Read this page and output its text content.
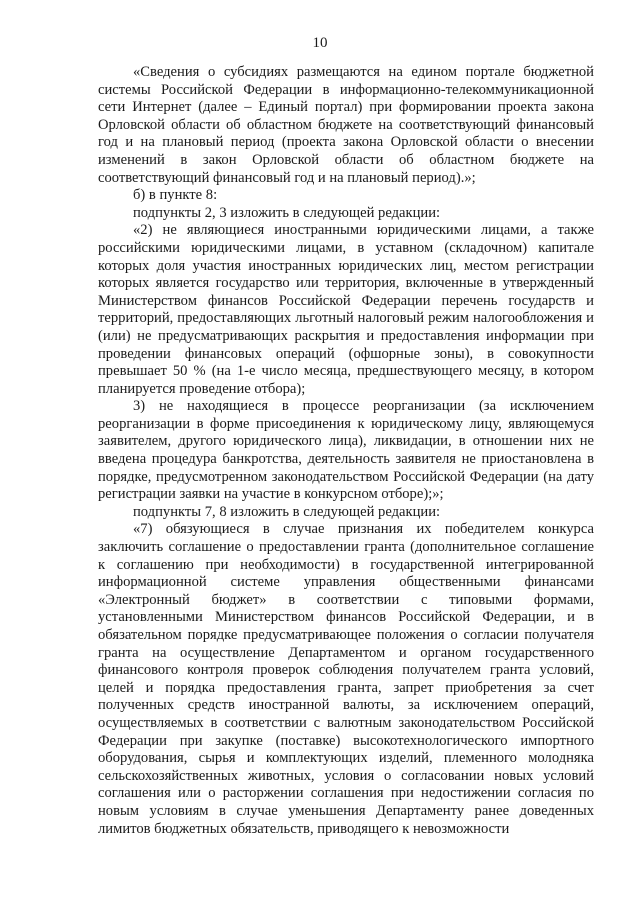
10

«Сведения о субсидиях размещаются на едином портале бюджетной системы Российской Федерации в информационно-телекоммуникационной сети Интернет (далее – Единый портал) при формировании проекта закона Орловской области об областном бюджете на соответствующий финансовый год и на плановый период (проекта закона Орловской области о внесении изменений в закон Орловской области об областном бюджете на соответствующий финансовый год и на плановый период).»;

б) в пункте 8:

подпункты 2, 3 изложить в следующей редакции:

«2) не являющиеся иностранными юридическими лицами, а также российскими юридическими лицами, в уставном (складочном) капитале которых доля участия иностранных юридических лиц, местом регистрации которых является государство или территория, включенные в утвержденный Министерством финансов Российской Федерации перечень государств и территорий, предоставляющих льготный налоговый режим налогообложения и (или) не предусматривающих раскрытия и предоставления информации при проведении финансовых операций (офшорные зоны), в совокупности превышает 50 % (на 1-е число месяца, предшествующего месяцу, в котором планируется проведение отбора);

3) не находящиеся в процессе реорганизации (за исключением реорганизации в форме присоединения к юридическому лицу, являющемуся заявителем, другого юридического лица), ликвидации, в отношении них не введена процедура банкротства, деятельность заявителя не приостановлена в порядке, предусмотренном законодательством Российской Федерации (на дату регистрации заявки на участие в конкурсном отборе);»;

подпункты 7, 8 изложить в следующей редакции:

«7) обязующиеся в случае признания их победителем конкурса заключить соглашение о предоставлении гранта (дополнительное соглашение к соглашению при необходимости) в государственной интегрированной информационной системе управления общественными финансами «Электронный бюджет» в соответствии с типовыми формами, установленными Министерством финансов Российской Федерации, и в обязательном порядке предусматривающее положения о согласии получателя гранта на осуществление Департаментом и органом государственного финансового контроля проверок соблюдения получателем гранта условий, целей и порядка предоставления гранта, запрет приобретения за счет полученных средств иностранной валюты, за исключением операций, осуществляемых в соответствии с валютным законодательством Российской Федерации при закупке (поставке) высокотехнологического импортного оборудования, сырья и комплектующих изделий, племенного молодняка сельскохозяйственных животных, условия о согласовании новых условий соглашения или о расторжении соглашения при недостижении согласия по новым условиям в случае уменьшения Департаменту ранее доведенных лимитов бюджетных обязательств, приводящего к невозможности
